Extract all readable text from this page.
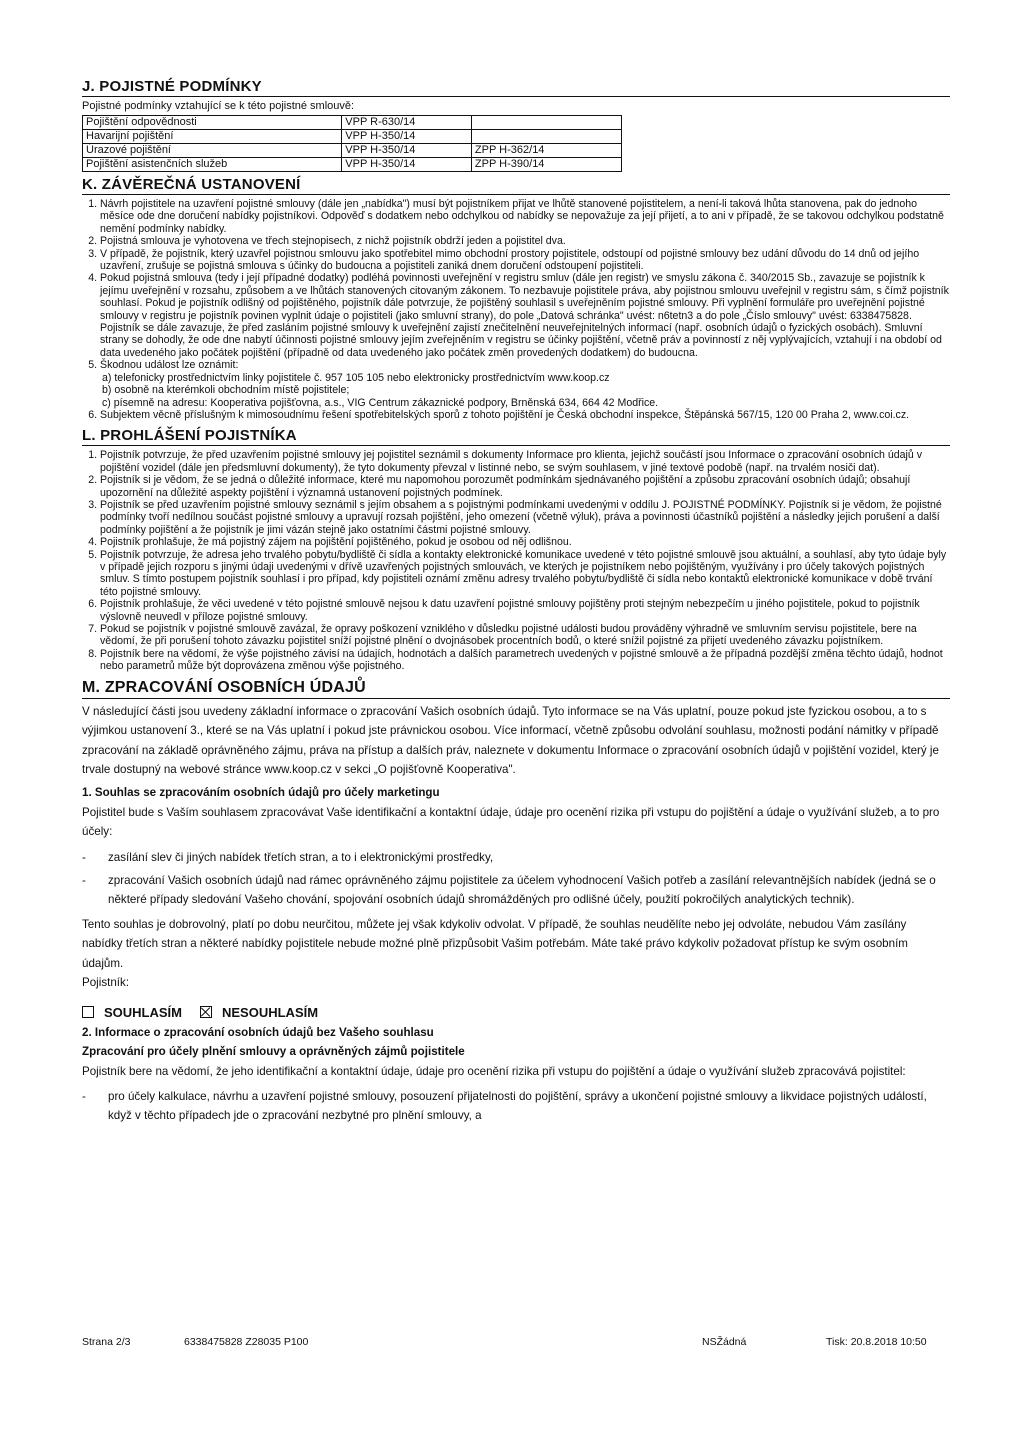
J. POJISTNÉ PODMÍNKY
Pojistné podmínky vztahující se k této pojistné smlouvě:
Pojištění odpovědnosti	VPP R-630/14	
Havarijní pojištění	VPP H-350/14	
Úrazové pojištění	VPP H-350/14	ZPP H-362/14
Pojištění asistenčních služeb	VPP H-350/14	ZPP H-390/14
K. ZÁVĚREČNÁ USTANOVENÍ
1. Návrh pojistitele na uzavření pojistné smlouvy (dále jen „nabídka") musí být pojistníkem přijat ve lhůtě stanovené pojistitelem, a není-li taková lhůta stanovena, pak do jednoho měsíce ode dne doručení nabídky pojistníkovi. Odpověď s dodatkem nebo odchylkou od nabídky se nepovažuje za její přijetí, a to ani v případě, že se takovou odchylkou podstatně nemění podmínky nabídky.
2. Pojistná smlouva je vyhotovena ve třech stejnopisech, z nichž pojistník obdrží jeden a pojistitel dva.
3. V případě, že pojistník, který uzavřel pojistnou smlouvu jako spotřebitel mimo obchodní prostory pojistitele, odstoupí od pojistné smlouvy bez udání důvodu do 14 dnů od jejího uzavření, zrušuje se pojistná smlouva s účinky do budoucna a pojistiteli zaniká dnem doručení odstoupení pojistiteli.
4. Pokud pojistná smlouva (tedy i její případné dodatky) podléhá povinnosti uveřejnění v registru smluv (dále jen registr) ve smyslu zákona č. 340/2015 Sb., zavazuje se pojistník k jejímu uveřejnění v rozsahu, způsobem a ve lhůtách stanovených citovaným zákonem. To nezbavuje pojistitele práva, aby pojistnou smlouvu uveřejnil v registru sám, s čímž pojistník souhlasí. Pokud je pojistník odlišný od pojištěného, pojistník dále potvrzuje, že pojištěný souhlasil s uveřejněním pojistné smlouvy. Při vyplnění formuláře pro uveřejnění pojistné smlouvy v registru je pojistník povinen vyplnit údaje o pojistiteli (jako smluvní strany), do pole „Datová schránka" uvést: n6tetn3 a do pole „Číslo smlouvy" uvést: 6338475828. Pojistník se dále zavazuje, že před zasláním pojistné smlouvy k uveřejnění zajistí znečitelnění neuveřejnitelných informací (např. osobních údajů o fyzických osobách). Smluvní strany se dohodly, že ode dne nabytí účinnosti pojistné smlouvy jejím zveřejněním v registru se účinky pojištění, včetně práv a povinností z něj vyplývajících, vztahují i na období od data uvedeného jako počátek pojištění (případně od data uvedeného jako počátek změn provedených dodatkem) do budoucna.
5. Škodnou událost lze oznámit:
a) telefonicky prostřednictvím linky pojistitele č. 957 105 105 nebo elektronicky prostřednictvím www.koop.cz
b) osobně na kterémkoli obchodním místě pojistitele;
c) písemně na adresu: Kooperativa pojišťovna, a.s., VIG Centrum zákaznické podpory, Brněnská 634, 664 42 Modřice.
6. Subjektem věcně příslušným k mimosoudnímu řešení spotřebitelských sporů z tohoto pojištění je Česká obchodní inspekce, Štěpánská 567/15, 120 00 Praha 2, www.coi.cz.
L. PROHLÁŠENÍ POJISTNÍKA
1. Pojistník potvrzuje, že před uzavřením pojistné smlouvy jej pojistitel seznámil s dokumenty Informace pro klienta, jejichž součástí jsou Informace o zpracování osobních údajů v pojištění vozidel (dále jen předsmluvní dokumenty), že tyto dokumenty převzal v listinné nebo, se svým souhlasem, v jiné textové podobě (např. na trvalém nosiči dat).
2. Pojistník si je vědom, že se jedná o důležité informace, které mu napomohou porozumět podmínkám sjednávaného pojištění a způsobu zpracování osobních údajů; obsahují upozornění na důležité aspekty pojištění i významná ustanovení pojistných podmínek.
3. Pojistník se před uzavřením pojistné smlouvy seznámil s jejím obsahem a s pojistnými podmínkami uvedenými v oddílu J. POJISTNÉ PODMÍNKY. Pojistník si je vědom, že pojistné podmínky tvoří nedílnou součást pojistné smlouvy a upravují rozsah pojištění, jeho omezení (včetně výluk), práva a povinnosti účastníků pojištění a následky jejich porušení a další podmínky pojištění a že pojistník je jimi vázán stejně jako ostatními částmi pojistné smlouvy.
4. Pojistník prohlašuje, že má pojistný zájem na pojištění pojištěného, pokud je osobou od něj odlišnou.
5. Pojistník potvrzuje, že adresa jeho trvalého pobytu/bydliště či sídla a kontakty elektronické komunikace uvedené v této pojistné smlouvě jsou aktuální, a souhlasí, aby tyto údaje byly v případě jejich rozporu s jinými údaji uvedenými v dřívě uzavřených pojistných smlouvách, ve kterých je pojistníkem nebo pojištěným, využívány i pro účely takových pojistných smluv. S tímto postupem pojistník souhlasí i pro případ, kdy pojistiteli oznámí změnu adresy trvalého pobytu/bydliště či sídla nebo kontaktů elektronické komunikace v době trvání této pojistné smlouvy.
6. Pojistník prohlašuje, že věci uvedené v této pojistné smlouvě nejsou k datu uzavření pojistné smlouvy pojištěny proti stejným nebezpečím u jiného pojistitele, pokud to pojistník výslovně neuvedl v příloze pojistné smlouvy.
7. Pokud se pojistník v pojistné smlouvě zavázal, že opravy poškození vzniklého v důsledku pojistné události budou prováděny výhradně ve smluvním servisu pojistitele, bere na vědomí, že při porušení tohoto závazku pojistitel sníží pojistné plnění o dvojnásobek procentních bodů, o které snížil pojistné za přijetí uvedeného závazku pojistníkem.
8. Pojistník bere na vědomí, že výše pojistného závisí na údajích, hodnotách a dalších parametrech uvedených v pojistné smlouvě a že případná pozdější změna těchto údajů, hodnot nebo parametrů může být doprovázena změnou výše pojistného.
M. ZPRACOVÁNÍ OSOBNÍCH ÚDAJŮ

V následující části jsou uvedeny základní informace o zpracování Vašich osobních údajů. Tyto informace se na Vás uplatní, pouze pokud jste fyzickou osobou, a to s výjimkou ustanovení 3., které se na Vás uplatní i pokud jste právnickou osobou. Více informací, včetně způsobu odvolání souhlasu, možnosti podání námitky v případě zpracování na základě oprávněného zájmu, práva na přístup a dalších práv, naleznete v dokumentu Informace o zpracování osobních údajů v pojištění vozidel, který je trvale dostupný na webové stránce www.koop.cz v sekci „O pojišťovně Kooperativa".

1. Souhlas se zpracováním osobních údajů pro účely marketingu

Pojistitel bude s Vaším souhlasem zpracovávat Vaše identifikační a kontaktní údaje, údaje pro ocenění rizika při vstupu do pojištění a údaje o využívání služeb, a to pro účely:

- zasílání slev či jiných nabídek třetích stran, a to i elektronickými prostředky,
- zpracování Vašich osobních údajů nad rámec oprávněného zájmu pojistitele za účelem vyhodnocení Vašich potřeb a zasílání relevantnějších nabídek (jedná se o některé případy sledování Vašeho chování, spojování osobních údajů shromážděných pro odlišné účely, použití pokročilých analytických technik).

Tento souhlas je dobrovolný, platí po dobu neurčitou, můžete jej však kdykoliv odvolat. V případě, že souhlas neudělíte nebo jej odvoláte, nebudou Vám zasílány nabídky třetích stran a některé nabídky pojistitele nebude možné plně přizpůsobit Vašim potřebám. Máte také právo kdykoliv požadovat přístup ke svým osobním údajům.

Pojistník:
SOUHLASÍM	NESOUHLASÍM
2. Informace o zpracování osobních údajů bez Vašeho souhlasu
Zpracování pro účely plnění smlouvy a oprávněných zájmů pojistitele

Pojistník bere na vědomí, že jeho identifikační a kontaktní údaje, údaje pro ocenění rizika při vstupu do pojištění a údaje o využívání služeb zpracovává pojistitel:

- pro účely kalkulace, návrhu a uzavření pojistné smlouvy, posouzení přijatelnosti do pojištění, správy a ukončení pojistné smlouvy a likvidace pojistných událostí, když v těchto případech jde o zpracování nezbytné pro plnění smlouvy, a
Strana 2/3	6338475828 Z28035 P100	NSŽádná	Tisk: 20.8.2018 10:50
